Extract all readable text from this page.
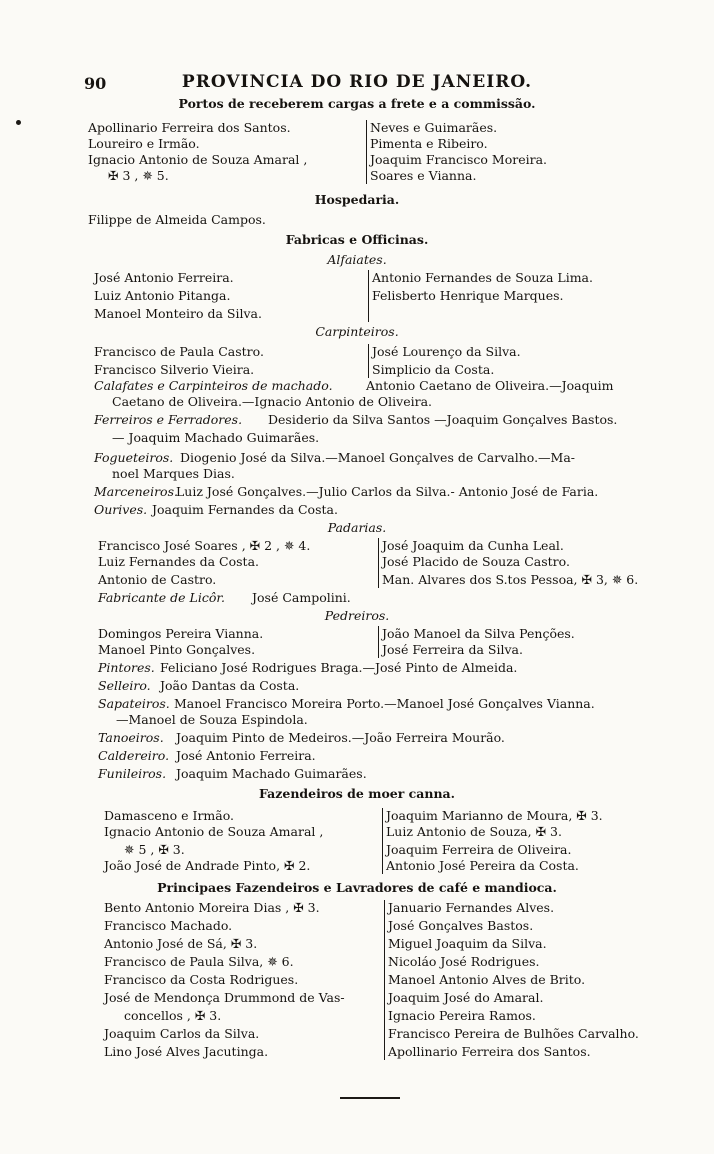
90	PROVINCIA DO RIO DE JANEIRO.
Portos de receberem cargas a frete e a commissão.
Apollinario Ferreira dos Santos.	Neves e Guimarães.
Loureiro e Irmão.	Pimenta e Ribeiro.
Ignacio Antonio de Souza Amaral ,	Joaquim Francisco Moreira.
✠ 3 , ✵ 5.	Soares e Vianna.
Hospedaria.
Filippe de Almeida Campos.
Fabricas e Officinas.
Alfaiates.
José Antonio Ferreira.	Antonio Fernandes de Souza Lima.
Luiz Antonio Pitanga.	Felisberto Henrique Marques.
Manoel Monteiro da Silva.
Carpinteiros.
Francisco de Paula Castro.	José Lourenço da Silva.
Francisco Silverio Vieira.	Simplicio da Costa.
Calafates e Carpinteiros de machado.	Antonio Caetano de Oliveira.—Joaquim
Caetano de Oliveira.—Ignacio Antonio de Oliveira.
Ferreiros e Ferradores. Desiderio da Silva Santos —Joaquim Gonçalves Bastos.
— Joaquim Machado Guimarães.
Fogueteiros. Diogenio José da Silva.—Manoel Gonçalves de Carvalho.—Ma-
noel Marques Dias.
Marceneiros.
Luiz José Gonçalves.—Julio Carlos da Silva.- Antonio José de Faria.
Ourives. Joaquim Fernandes da Costa.
Padarias.
Francisco José Soares , ✠ 2 , ✵ 4.	José Joaquim da Cunha Leal.
Luiz Fernandes da Costa.	José Placido de Souza Castro.
Antonio de Castro.	Man. Alvares dos S.tos Pessoa, ✠ 3, ✵ 6.
Fabricante de Licôr. José Campolini.
Pedreiros.
Domingos Pereira Vianna.	João Manoel da Silva Penções.
Manoel Pinto Gonçalves.	José Ferreira da Silva.
Pintores. Feliciano José Rodrigues Braga.—José Pinto de Almeida.
Selleiro. João Dantas da Costa.
Sapateiros. Manoel Francisco Moreira Porto.—Manoel José Gonçalves Vianna.
—Manoel de Souza Espindola.
Tanoeiros. Joaquim Pinto de Medeiros.—João Ferreira Mourão.
Caldereiro. José Antonio Ferreira.
Funileiros. Joaquim Machado Guimarães.
Fazendeiros de moer canna.
Damasceno e Irmão.	Joaquim Marianno de Moura, ✠ 3.
Ignacio Antonio de Souza Amaral ,	Luiz Antonio de Souza, ✠ 3.
✵ 5 , ✠ 3.	Joaquim Ferreira de Oliveira.
João José de Andrade Pinto, ✠ 2.	Antonio José Pereira da Costa.
Principaes Fazendeiros e Lavradores de café e mandioca.
Bento Antonio Moreira Dias , ✠ 3.	Januario Fernandes Alves.
Francisco Machado.	José Gonçalves Bastos.
Antonio José de Sá, ✠ 3.	Miguel Joaquim da Silva.
Francisco de Paula Silva, ✵ 6.	Nicoláo José Rodrigues.
Francisco da Costa Rodrigues.	Manoel Antonio Alves de Brito.
José de Mendonça Drummond de Vas-	Joaquim José do Amaral.
concellos , ✠ 3.	Ignacio Pereira Ramos.
Joaquim Carlos da Silva.	Francisco Pereira de Bulhões Carvalho.
Lino José Alves Jacutinga.	Apollinario Ferreira dos Santos.
